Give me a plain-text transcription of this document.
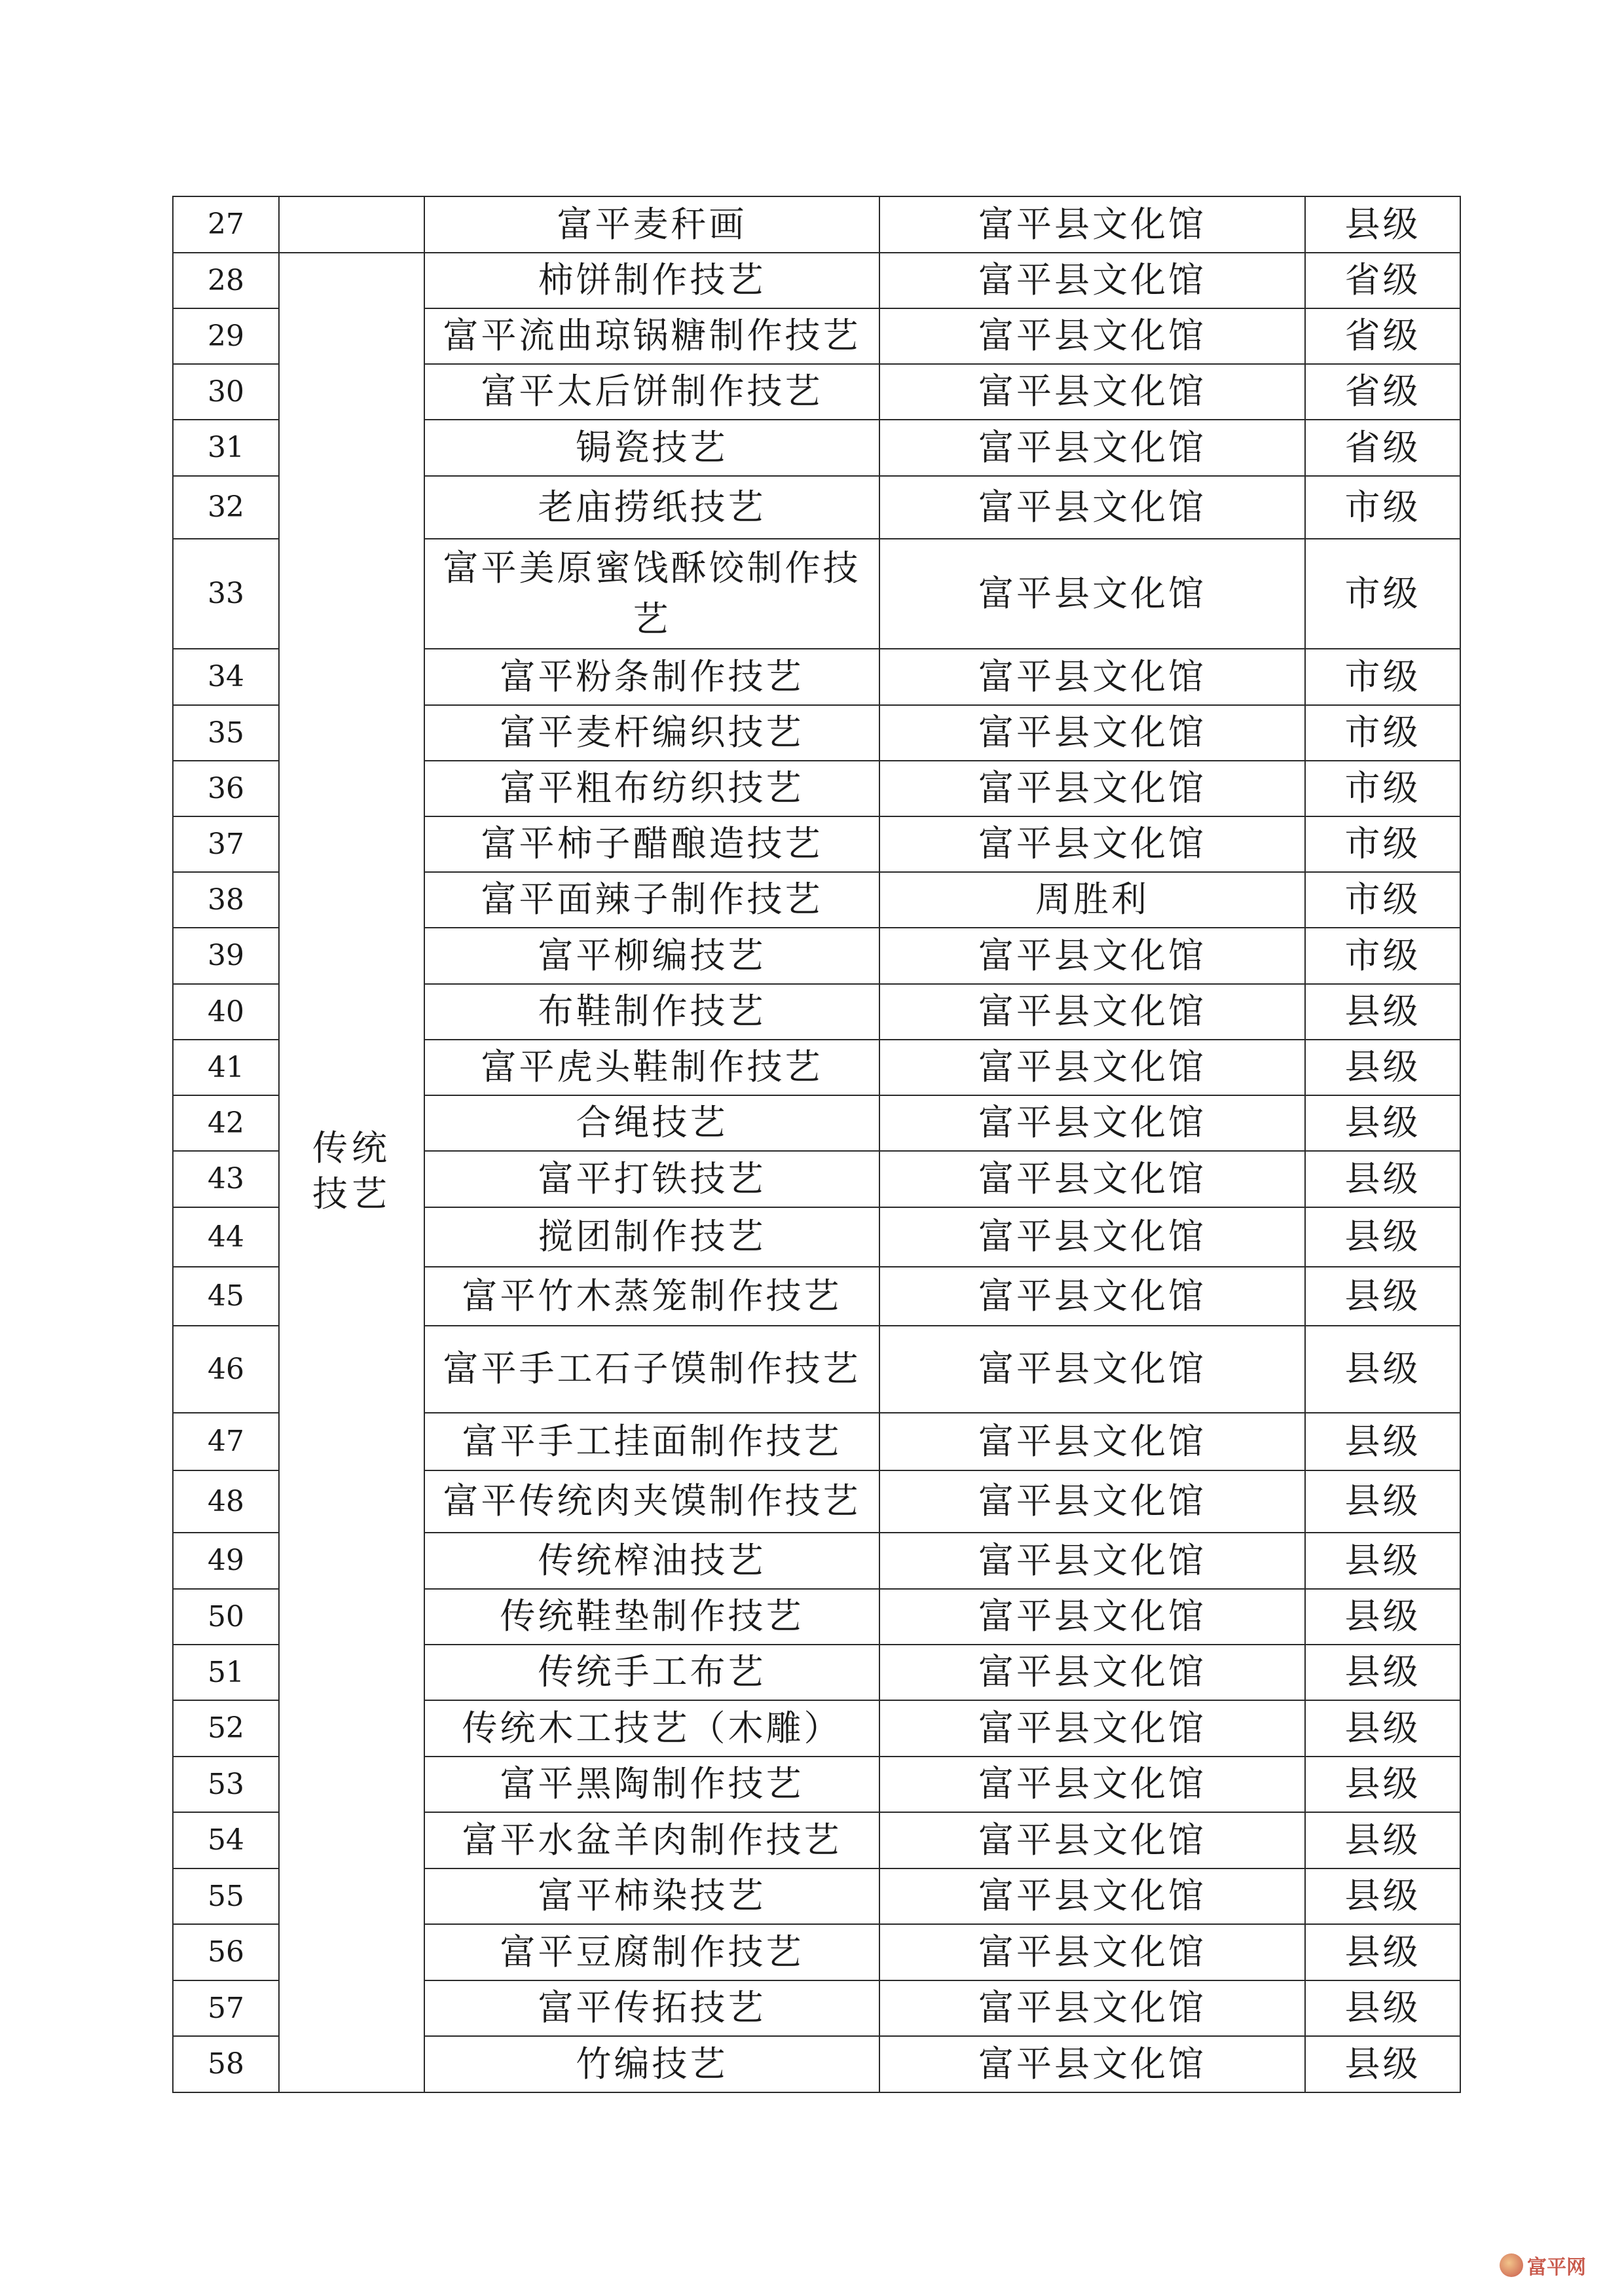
27		富平麦秆画	富平县文化馆	县级
28	传统技艺	柿饼制作技艺	富平县文化馆	省级
29		富平流曲琼锅糖制作技艺	富平县文化馆	省级
30		富平太后饼制作技艺	富平县文化馆	省级
31		锔瓷技艺	富平县文化馆	省级
32		老庙捞纸技艺	富平县文化馆	市级
33		富平美原蜜饯酥饺制作技艺	富平县文化馆	市级
34		富平粉条制作技艺	富平县文化馆	市级
35		富平麦杆编织技艺	富平县文化馆	市级
36		富平粗布纺织技艺	富平县文化馆	市级
37		富平柿子醋酿造技艺	富平县文化馆	市级
38		富平面辣子制作技艺	周胜利	市级
39		富平柳编技艺	富平县文化馆	市级
40		布鞋制作技艺	富平县文化馆	县级
41		富平虎头鞋制作技艺	富平县文化馆	县级
42		合绳技艺	富平县文化馆	县级
43		富平打铁技艺	富平县文化馆	县级
44		搅团制作技艺	富平县文化馆	县级
45		富平竹木蒸笼制作技艺	富平县文化馆	县级
46		富平手工石子馍制作技艺	富平县文化馆	县级
47		富平手工挂面制作技艺	富平县文化馆	县级
48		富平传统肉夹馍制作技艺	富平县文化馆	县级
49		传统榨油技艺	富平县文化馆	县级
50		传统鞋垫制作技艺	富平县文化馆	县级
51		传统手工布艺	富平县文化馆	县级
52		传统木工技艺（木雕）	富平县文化馆	县级
53		富平黑陶制作技艺	富平县文化馆	县级
54		富平水盆羊肉制作技艺	富平县文化馆	县级
55		富平柿染技艺	富平县文化馆	县级
56		富平豆腐制作技艺	富平县文化馆	县级
57		富平传拓技艺	富平县文化馆	县级
58		竹编技艺	富平县文化馆	县级
富平网
